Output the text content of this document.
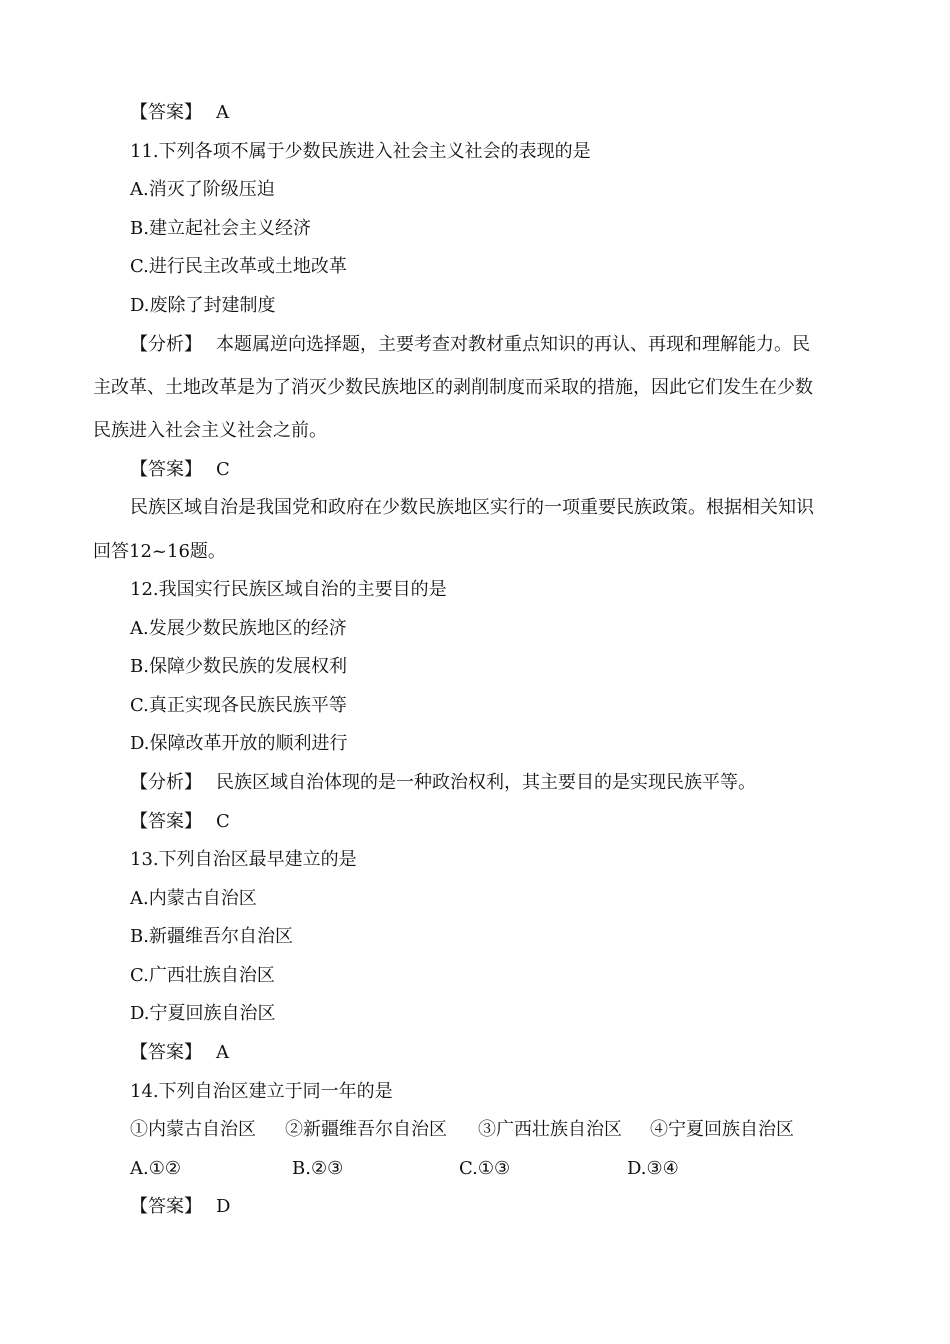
【答案】 A
11.下列各项不属于少数民族进入社会主义社会的表现的是
A.消灭了阶级压迫
B.建立起社会主义经济
C.进行民主改革或土地改革
D.废除了封建制度
【分析】 本题属逆向选择题，主要考查对教材重点知识的再认、再现和理解能力。民
主改革、土地改革是为了消灭少数民族地区的剥削制度而采取的措施，因此它们发生在少数
民族进入社会主义社会之前。
【答案】 C
民族区域自治是我国党和政府在少数民族地区实行的一项重要民族政策。根据相关知识
回答12~16题。
12.我国实行民族区域自治的主要目的是
A.发展少数民族地区的经济
B.保障少数民族的发展权利
C.真正实现各民族民族平等
D.保障改革开放的顺利进行
【分析】 民族区域自治体现的是一种政治权利，其主要目的是实现民族平等。
【答案】 C
13.下列自治区最早建立的是
A.内蒙古自治区
B.新疆维吾尔自治区
C.广西壮族自治区
D.宁夏回族自治区
【答案】 A
14.下列自治区建立于同一年的是
①内蒙古自治区 ②新疆维吾尔自治区 ③广西壮族自治区 ④宁夏回族自治区
A.①②	B.②③	C.①③	D.③④
【答案】 D
